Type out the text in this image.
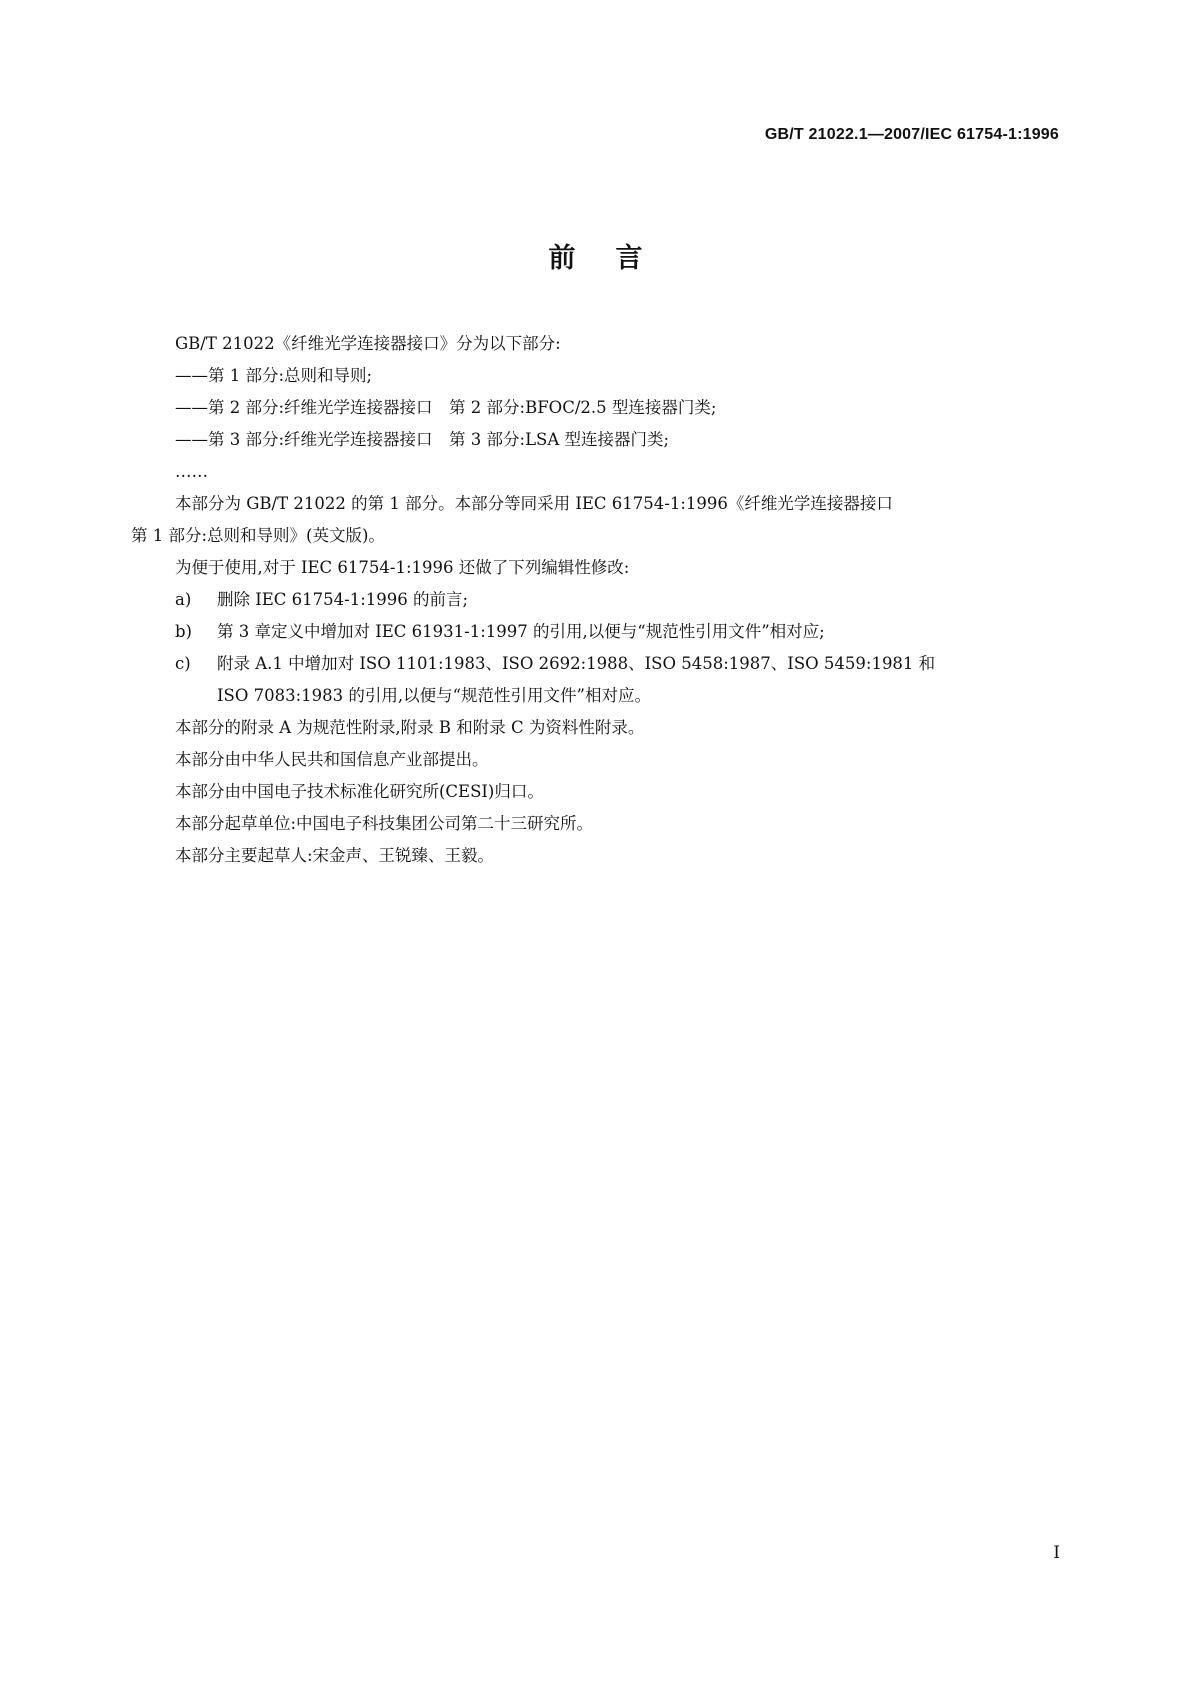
GB/T 21022.1—2007/IEC 61754-1:1996
前言
GB/T 21022《纤维光学连接器接口》分为以下部分:
——第 1 部分:总则和导则;
——第 2 部分:纤维光学连接器接口　第 2 部分:BFOC/2.5 型连接器门类;
——第 3 部分:纤维光学连接器接口　第 3 部分:LSA 型连接器门类;
……
本部分为 GB/T 21022 的第 1 部分。本部分等同采用 IEC 61754-1:1996《纤维光学连接器接口
第 1 部分:总则和导则》(英文版)。
为便于使用,对于 IEC 61754-1:1996 还做了下列编辑性修改:
a) 删除 IEC 61754-1:1996 的前言;
b) 第 3 章定义中增加对 IEC 61931-1:1997 的引用,以便与“规范性引用文件”相对应;
c) 附录 A.1 中增加对 ISO 1101:1983、ISO 2692:1988、ISO 5458:1987、ISO 5459:1981 和
ISO 7083:1983 的引用,以便与“规范性引用文件”相对应。
本部分的附录 A 为规范性附录,附录 B 和附录 C 为资料性附录。
本部分由中华人民共和国信息产业部提出。
本部分由中国电子技术标准化研究所(CESI)归口。
本部分起草单位:中国电子科技集团公司第二十三研究所。
本部分主要起草人:宋金声、王锐臻、王毅。
I
